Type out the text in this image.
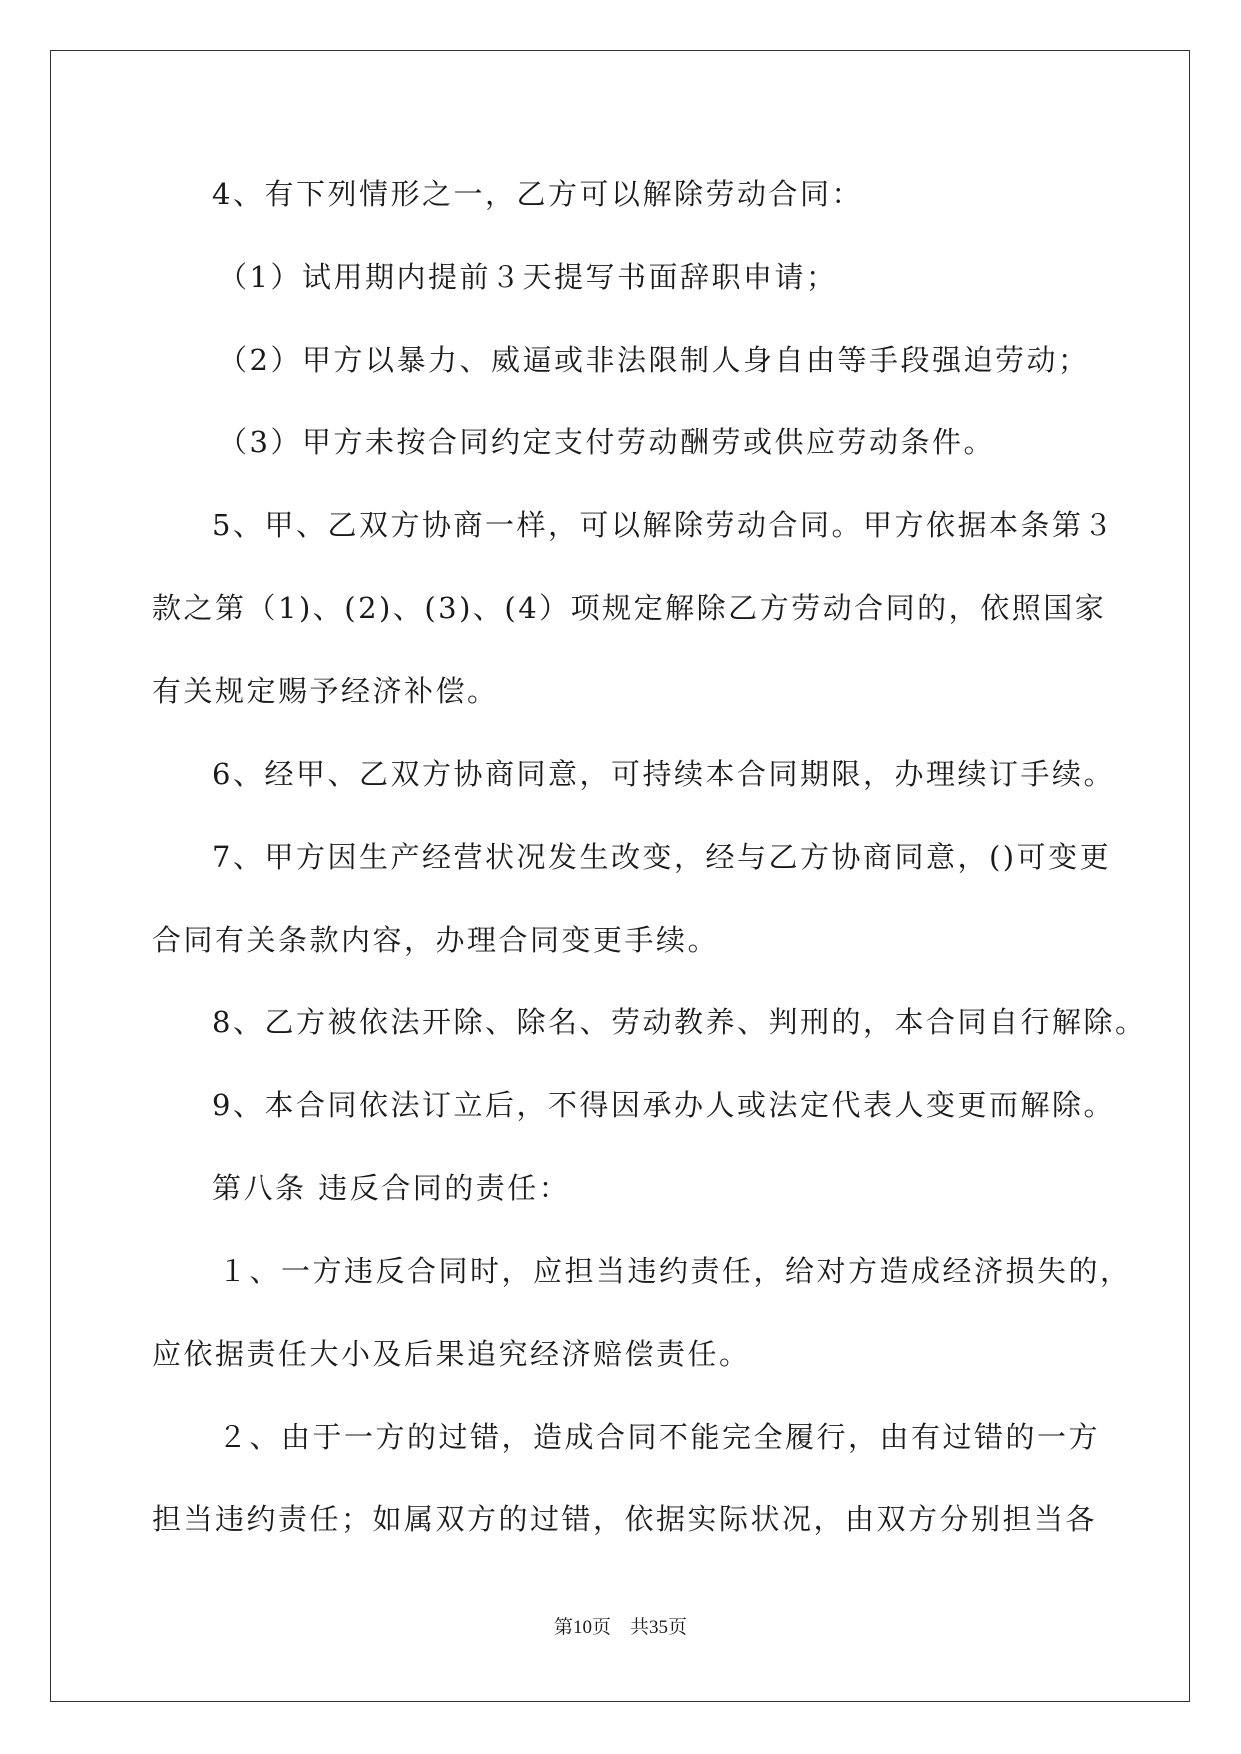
4、有下列情形之一，乙方可以解除劳动合同：
（1）试用期内提前３天提写书面辞职申请；
（2）甲方以暴力、威逼或非法限制人身自由等手段强迫劳动；
（3）甲方未按合同约定支付劳动酬劳或供应劳动条件。
5、甲、乙双方协商一样，可以解除劳动合同。甲方依据本条第３
款之第（1)、(2)、(3)、(4）项规定解除乙方劳动合同的，依照国家
有关规定赐予经济补偿。
6、经甲、乙双方协商同意，可持续本合同期限，办理续订手续。
7、甲方因生产经营状况发生改变，经与乙方协商同意，()可变更
合同有关条款内容，办理合同变更手续。
8、乙方被依法开除、除名、劳动教养、判刑的，本合同自行解除。
9、本合同依法订立后，不得因承办人或法定代表人变更而解除。
第八条 违反合同的责任：
１、一方违反合同时，应担当违约责任，给对方造成经济损失的，
应依据责任大小及后果追究经济赔偿责任。
２、由于一方的过错，造成合同不能完全履行，由有过错的一方
担当违约责任；如属双方的过错，依据实际状况，由双方分别担当各
第10页　共35页
